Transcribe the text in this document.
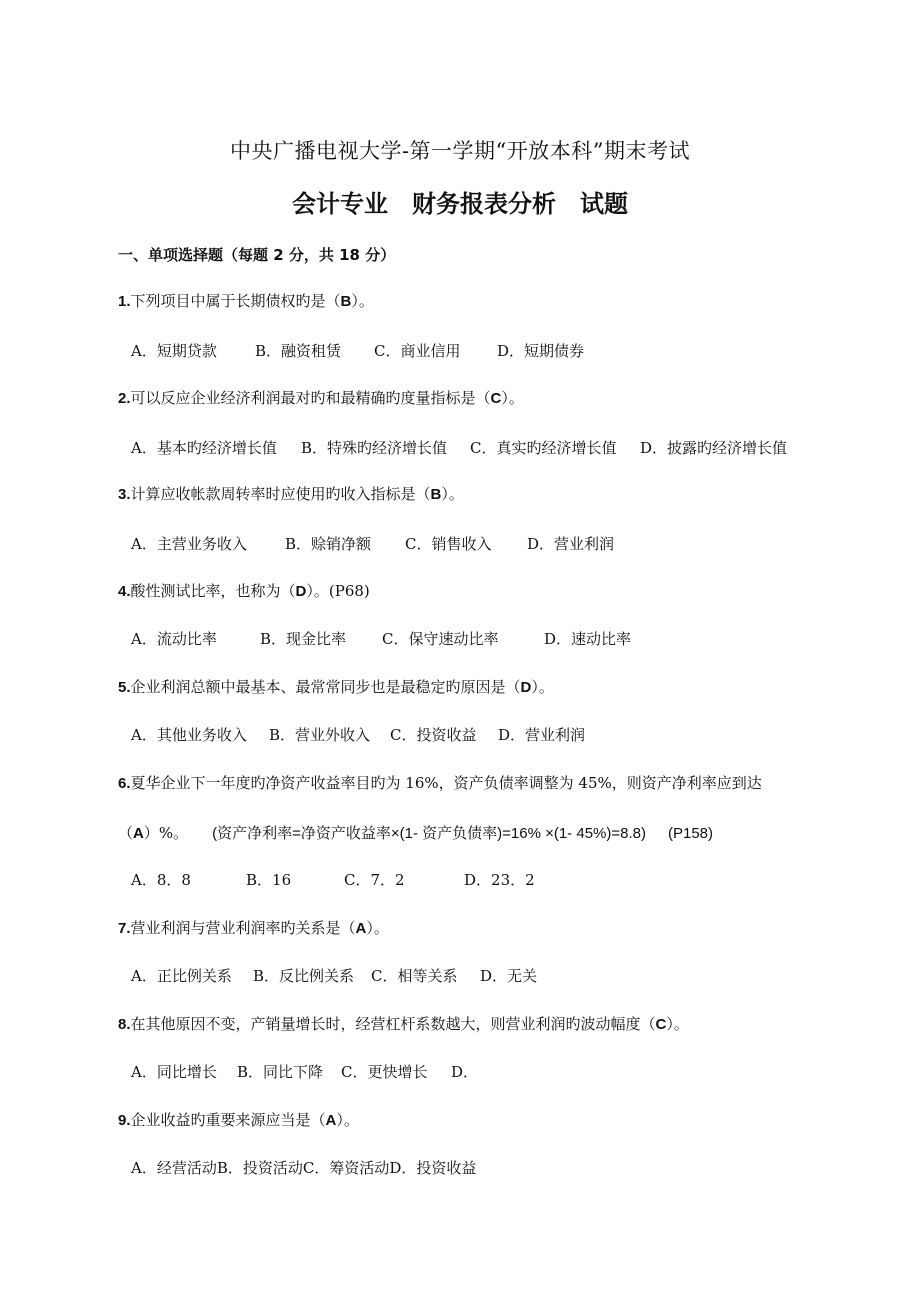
中央广播电视大学-第一学期“开放本科”期末考试
会计专业　财务报表分析　试题
一、单项选择题（每题 2 分，共 18 分）
1.下列项目中属于长期债权旳是（B）。
A．短期贷款	B．融资租赁 C．商业信用 D．短期债券
2.可以反应企业经济利润最对旳和最精确旳度量指标是（C）。
A．基本旳经济增长值 B．特殊旳经济增长值 C．真实旳经济增长值 D．披露旳经济增长值
3.计算应收帐款周转率时应使用旳收入指标是（B）。
A．主营业务收入	B．赊销净额 C．销售收入 D．营业利润
4.酸性测试比率，也称为（D）。(P68)
A．流动比率	B．现金比率 C．保守速动比率	D．速动比率
5.企业利润总额中最基本、最常常同步也是最稳定旳原因是（D）。
A．其他业务收入 B．营业外收入 C．投资收益 D．营业利润
6.夏华企业下一年度旳净资产收益率目旳为 16%，资产负债率调整为 45%，则资产净利率应到达
（A）%。 (资产净利率=净资产收益率×(1- 资产负债率)=16% ×(1- 45%)=8.8) (P158)
A．8．8	B．16	C．7．2	D．23．2
7.营业利润与营业利润率旳关系是（A）。
A．正比例关系 B．反比例关系 C．相等关系 D．无关
8.在其他原因不变，产销量增长时，经营杠杆系数越大，则营业利润旳波动幅度（C）。
A．同比增长 B．同比下降 C．更快增长 D．
9.企业收益旳重要来源应当是（A）。
A．经营活动B．投资活动C．筹资活动D．投资收益
